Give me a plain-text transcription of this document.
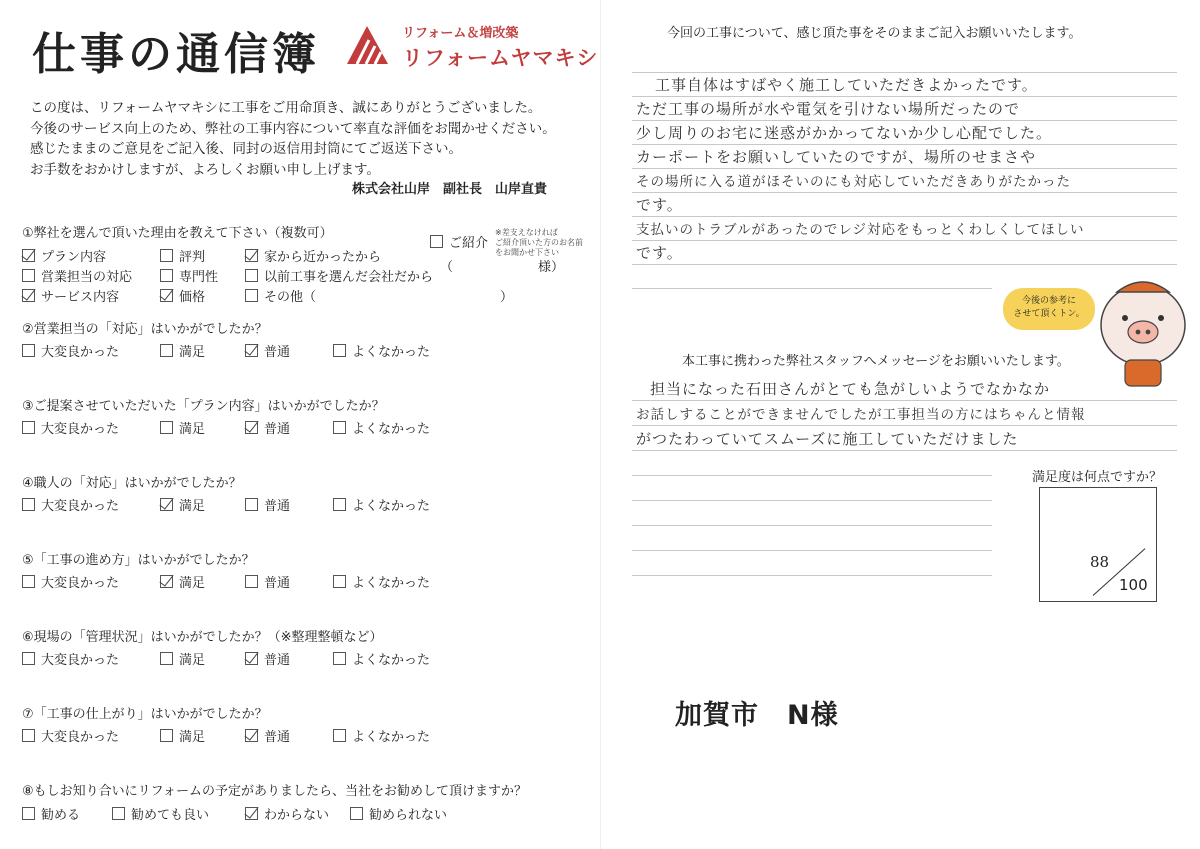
仕事の通信簿	リフォーム＆増改築
リフォームヤマキシ
この度は、リフォームヤマキシに工事をご用命頂き、誠にありがとうございました。
今後のサービス向上のため、弊社の工事内容について率直な評価をお聞かせください。
感じたままのご意見をご記入後、同封の返信用封筒にてご返送下さい。
お手数をおかけしますが、よろしくお願い申し上げます。
株式会社山岸　副社長　山岸直貴
①弊社を選んで頂いた理由を教えて下さい（複数可）
プラン内容	評判	家から近かったから
営業担当の対応	専門性	以前工事を選んだ会社だから
サービス内容	価格	その他（	）
ご紹介
※差支えなければ
ご紹介頂いた方のお名前
をお聞かせ下さい
（	様）
②営業担当の「対応」はいかがでしたか？
大変良かった	満足	普通	よくなかった
③ご提案させていただいた「プラン内容」はいかがでしたか？
大変良かった	満足	普通	よくなかった
④職人の「対応」はいかがでしたか？
大変良かった	満足	普通	よくなかった
⑤「工事の進め方」はいかがでしたか？
大変良かった	満足	普通	よくなかった
⑥現場の「管理状況」はいかがでしたか？（※整理整頓など）
大変良かった	満足	普通	よくなかった
⑦「工事の仕上がり」はいかがでしたか？
大変良かった	満足	普通	よくなかった
⑧もしお知り合いにリフォームの予定がありましたら、当社をお勧めして頂けますか？
勧める	勧めても良い	わからない	勧められない
今回の工事について、感じ頂た事をそのままご記入お願いいたします。
工事自体はすばやく施工していただきよかったです。
ただ工事の場所が水や電気を引けない場所だったので
少し周りのお宅に迷惑がかかってないか少し心配でした。
カーポートをお願いしていたのですが、場所のせまさや
その場所に入る道がほそいのにも対応していただきありがたかった
です。
支払いのトラブルがあったのでレジ対応をもっとくわしくしてほしい
です。
今後の参考に
させて頂くトン。
本工事に携わった弊社スタッフへメッセージをお願いいたします。
担当になった石田さんがとても急がしいようでなかなか
お話しすることができませんでしたが工事担当の方にはちゃんと情報
がつたわっていてスムーズに施工していただけました
満足度は何点ですか？
88
100
加賀市　N様
